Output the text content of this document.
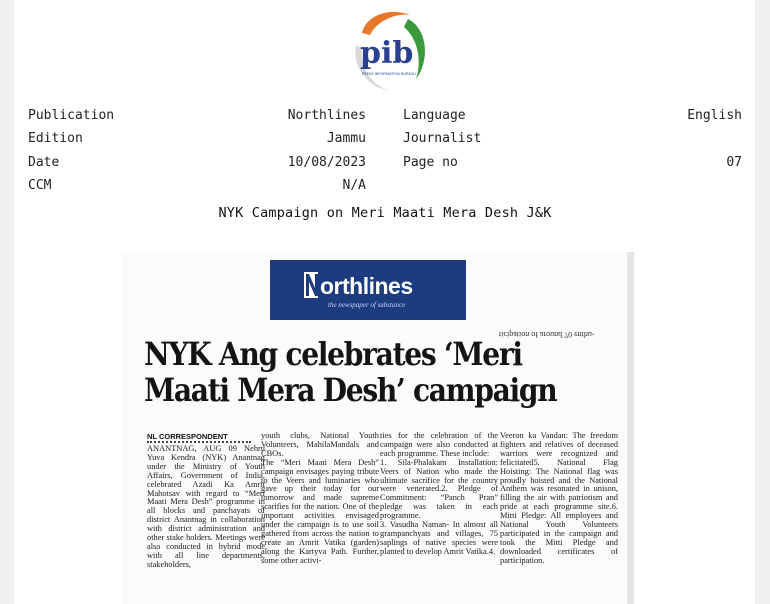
pib
PRESS INFORMATION BUREAU
Publication	Northlines	Language	English
Edition	Jammu	Journalist
Date	10/08/2023	Page no	07
CCM	N/A
NYK Campaign on Meri Maati Mera Desh J&K
orthlines
the newspaper of substance
ticipation of around 70 enthu-
NYK Ang celebrates ‘Meri Maati Mera Desh’ campaign
NL CORRESPONDENT
ANANTNAG, AUG 09 Nehru Yuva Kendra (NYK) Anantnag under the Ministry of Youth Affairs, Government of India, celebrated Azadi Ka Amrit Mahotsav with regard to “Meri Maati Mera Desh” programme in all blocks and panchayats of district Anantnag in collaboration with district administration and other stake holders. Meetings were also conducted in hybrid mode with all line departments, stakeholders,
youth clubs, National Youth Volunteers, MahilaMandals and CBOs.
The “Meri Maati Mera Desh” campaign envisages paying tribute to the Veers and luminaries who gave up their today for our tomorrow and made supreme scarifies for the nation. One of the important activities envisaged under the campaign is to use soil gathered from across the nation to create an Amrit Vatika (garden) along the Kartyva Path. Further, some other activi-
ties for the celebration of the campaign were also conducted at each programme. These include:
1. Sila-Phalakam Installation: Veers of Nation who made the ultimate sacrifice for the country were venerated.2. Pledge of Commitment: “Panch Pran” pledge was taken in each programme.
3. Vasudha Naman- In almost all grampanchyats and villages, 75 saplings of native species were planted to develop Amrit Vatika.4.
Veeron ka Vandan: The freedom fighters and relatives of deceased warriors were recognized and felicitated5. National Flag Hoisting: The National flag was proudly hoisted and the National Anthem was resonated in unison, filling the air with patriotism and pride at each programme site.6. Mitti Pledge: All employees and National Youth Volunteers participated in the campaign and took the Mitti Pledge and downloaded certificates of participation.
